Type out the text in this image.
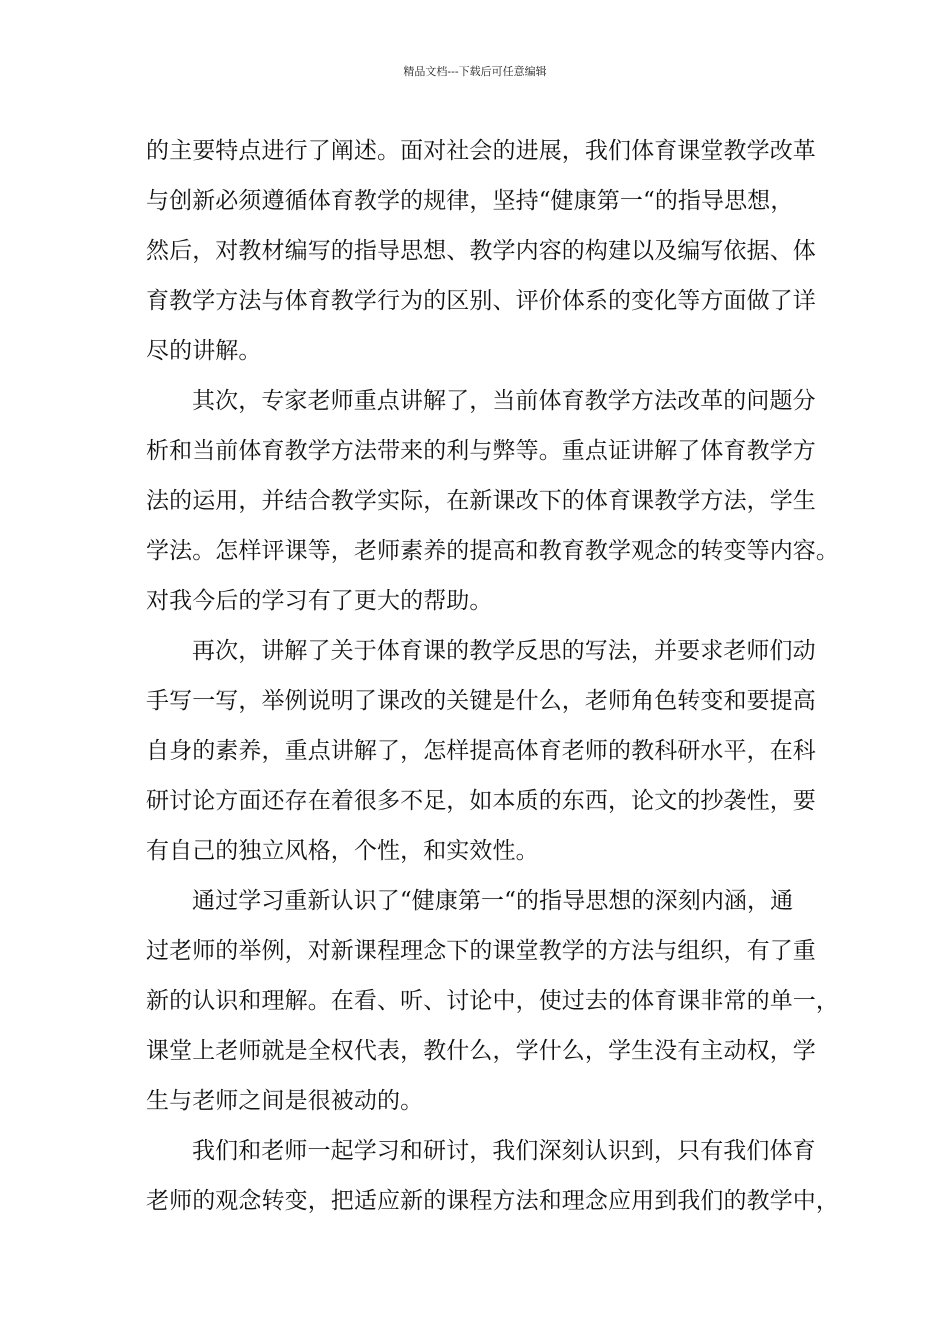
精品文档---下载后可任意编辑
的主要特点进行了阐述。面对社会的进展，我们体育课堂教学改革
与创新必须遵循体育教学的规律，坚持“健康第一“的指导思想，
然后，对教材编写的指导思想、教学内容的构建以及编写依据、体
育教学方法与体育教学行为的区别、评价体系的变化等方面做了详
尽的讲解。
其次，专家老师重点讲解了，当前体育教学方法改革的问题分
析和当前体育教学方法带来的利与弊等。重点证讲解了体育教学方
法的运用，并结合教学实际，在新课改下的体育课教学方法，学生
学法。怎样评课等，老师素养的提高和教育教学观念的转变等内容。
对我今后的学习有了更大的帮助。
再次，讲解了关于体育课的教学反思的写法，并要求老师们动
手写一写，举例说明了课改的关键是什么，老师角色转变和要提高
自身的素养，重点讲解了，怎样提高体育老师的教科研水平，在科
研讨论方面还存在着很多不足，如本质的东西，论文的抄袭性，要
有自己的独立风格，个性，和实效性。
通过学习重新认识了“健康第一“的指导思想的深刻内涵，通
过老师的举例，对新课程理念下的课堂教学的方法与组织，有了重
新的认识和理解。在看、听、讨论中，使过去的体育课非常的单一，
课堂上老师就是全权代表，教什么，学什么，学生没有主动权，学
生与老师之间是很被动的。
我们和老师一起学习和研讨，我们深刻认识到，只有我们体育
老师的观念转变，把适应新的课程方法和理念应用到我们的教学中，
